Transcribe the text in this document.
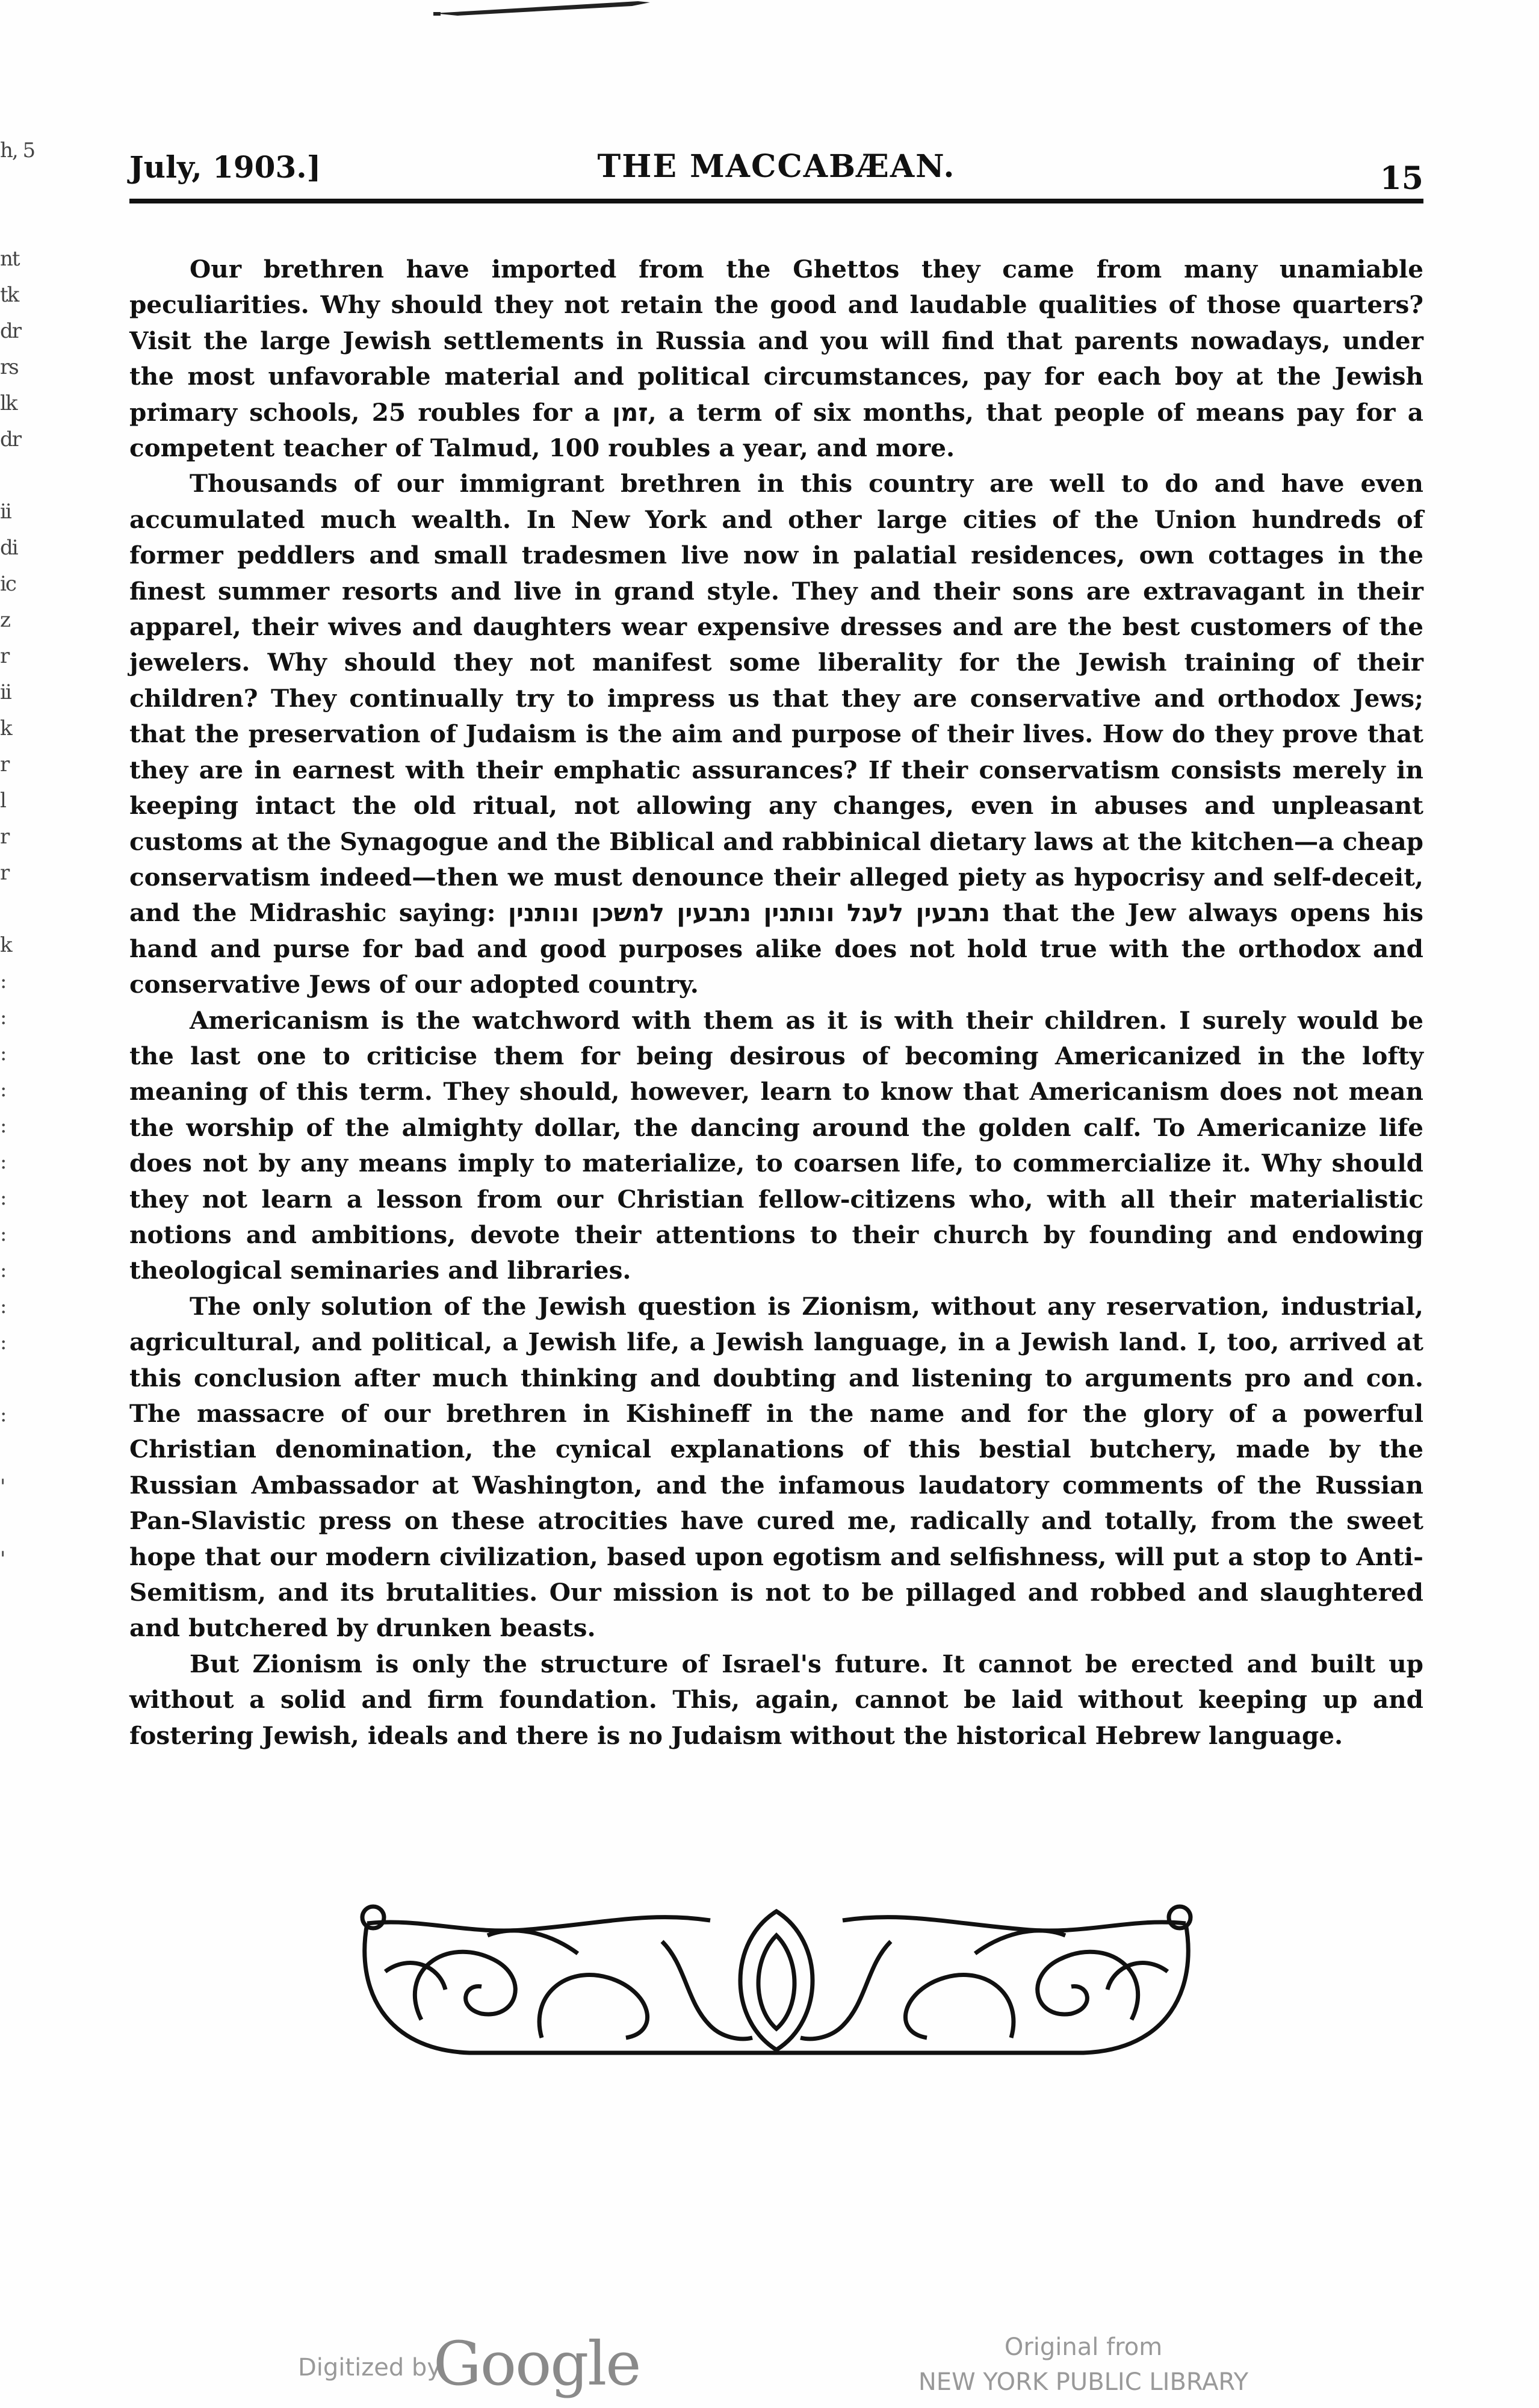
h, 5
nt
tk
dr
rs
lk
dr
ii
di
ic
z
r
ii
k
r
l
r
r
k
:
:
:
:
:
:
:
:
:
:
:
:
'
'
July, 1903.]	THE MACCABÆAN.	15

Our brethren have imported from the Ghettos they came from many unamiable peculiarities. Why should they not retain the good and laudable qualities of those quarters? Visit the large Jewish settlements in Russia and you will find that parents nowadays, under the most unfavorable material and political circumstances, pay for each boy at the Jewish primary schools, 25 roubles for a זמן, a term of six months, that people of means pay for a competent teacher of Talmud, 100 roubles a year, and more.

Thousands of our immigrant brethren in this country are well to do and have even accumulated much wealth. In New York and other large cities of the Union hundreds of former peddlers and small tradesmen live now in palatial residences, own cottages in the finest summer resorts and live in grand style. They and their sons are extravagant in their apparel, their wives and daughters wear expensive dresses and are the best customers of the jewelers. Why should they not manifest some liberality for the Jewish training of their children? They continually try to impress us that they are conservative and orthodox Jews; that the preservation of Judaism is the aim and purpose of their lives. How do they prove that they are in earnest with their emphatic assurances? If their conservatism consists merely in keeping intact the old ritual, not allowing any changes, even in abuses and unpleasant customs at the Synagogue and the Biblical and rabbinical dietary laws at the kitchen—a cheap conservatism indeed—then we must denounce their alleged piety as hypocrisy and self-deceit, and the Midrashic saying: נתבעין לעגל ונותנין נתבעין למשכן ונותנין that the Jew always opens his hand and purse for bad and good purposes alike does not hold true with the orthodox and conservative Jews of our adopted country.

Americanism is the watchword with them as it is with their children. I surely would be the last one to criticise them for being desirous of becoming Americanized in the lofty meaning of this term. They should, however, learn to know that Americanism does not mean the worship of the almighty dollar, the dancing around the golden calf. To Americanize life does not by any means imply to materialize, to coarsen life, to commercialize it. Why should they not learn a lesson from our Christian fellow-citizens who, with all their materialistic notions and ambitions, devote their attentions to their church by founding and endowing theological seminaries and libraries.

The only solution of the Jewish question is Zionism, without any reservation, industrial, agricultural, and political, a Jewish life, a Jewish language, in a Jewish land. I, too, arrived at this conclusion after much thinking and doubting and listening to arguments pro and con. The massacre of our brethren in Kishineff in the name and for the glory of a powerful Christian denomination, the cynical explanations of this bestial butchery, made by the Russian Ambassador at Washington, and the infamous laudatory comments of the Russian Pan-Slavistic press on these atrocities have cured me, radically and totally, from the sweet hope that our modern civilization, based upon egotism and selfishness, will put a stop to Anti-Semitism, and its brutalities. Our mission is not to be pillaged and robbed and slaughtered and butchered by drunken beasts.

But Zionism is only the structure of Israel's future. It cannot be erected and built up without a solid and firm foundation. This, again, cannot be laid without keeping up and fostering Jewish, ideals and there is no Judaism without the historical Hebrew language.

Digitized by
Google	Original from
NEW YORK PUBLIC LIBRARY
